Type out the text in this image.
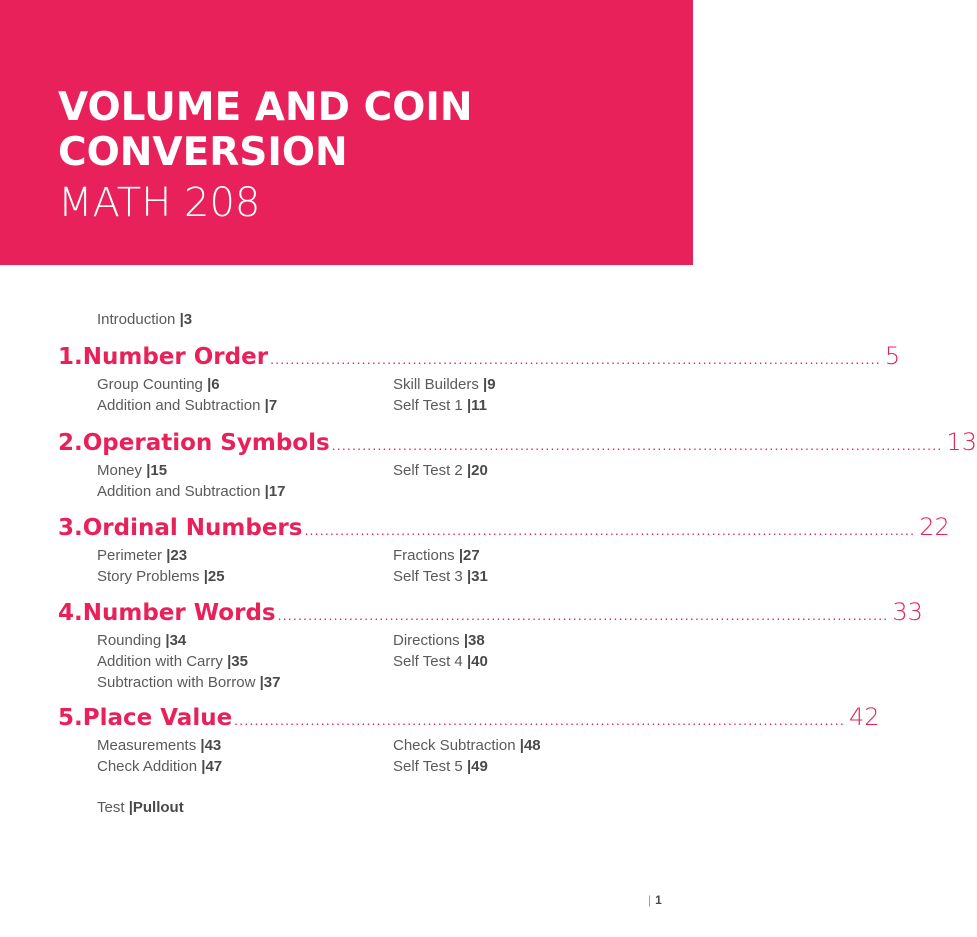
VOLUME AND COIN
CONVERSION
MATH 208
Introduction |3
1. Number Order ........................................................................................................................ 5
Group Counting |6
Addition and Subtraction |7
Skill Builders |9
Self Test 1 |11
2. Operation Symbols ........................................................................................................................ 13
Money |15
Addition and Subtraction |17
Self Test 2 |20
3. Ordinal Numbers ........................................................................................................................ 22
Perimeter |23
Story Problems |25
Fractions |27
Self Test 3 |31
4. Number Words ........................................................................................................................ 33
Rounding |34
Addition with Carry |35
Subtraction with Borrow |37
Directions |38
Self Test 4 |40
5. Place Value ........................................................................................................................ 42
Measurements |43
Check Addition |47
Check Subtraction |48
Self Test 5 |49
Test |Pullout
| 1
